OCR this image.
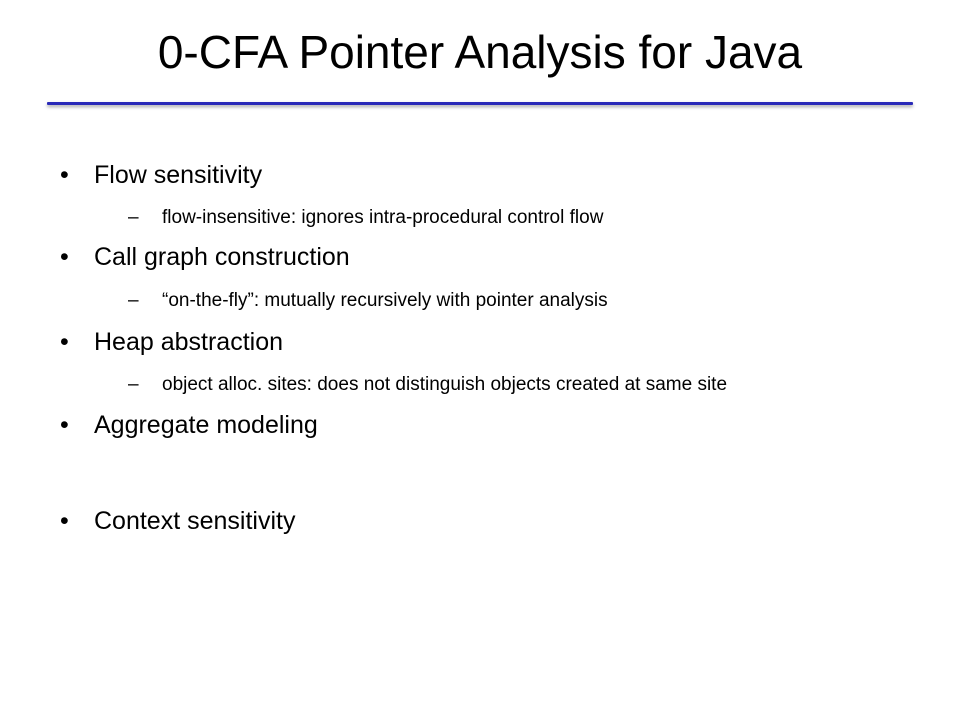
0-CFA Pointer Analysis for Java
•	Flow sensitivity
–	flow-insensitive: ignores intra-procedural control flow
•	Call graph construction
–	“on-the-fly”: mutually recursively with pointer analysis
•	Heap abstraction
–	object alloc. sites: does not distinguish objects created at same site
•	Aggregate modeling
•	Context sensitivity
